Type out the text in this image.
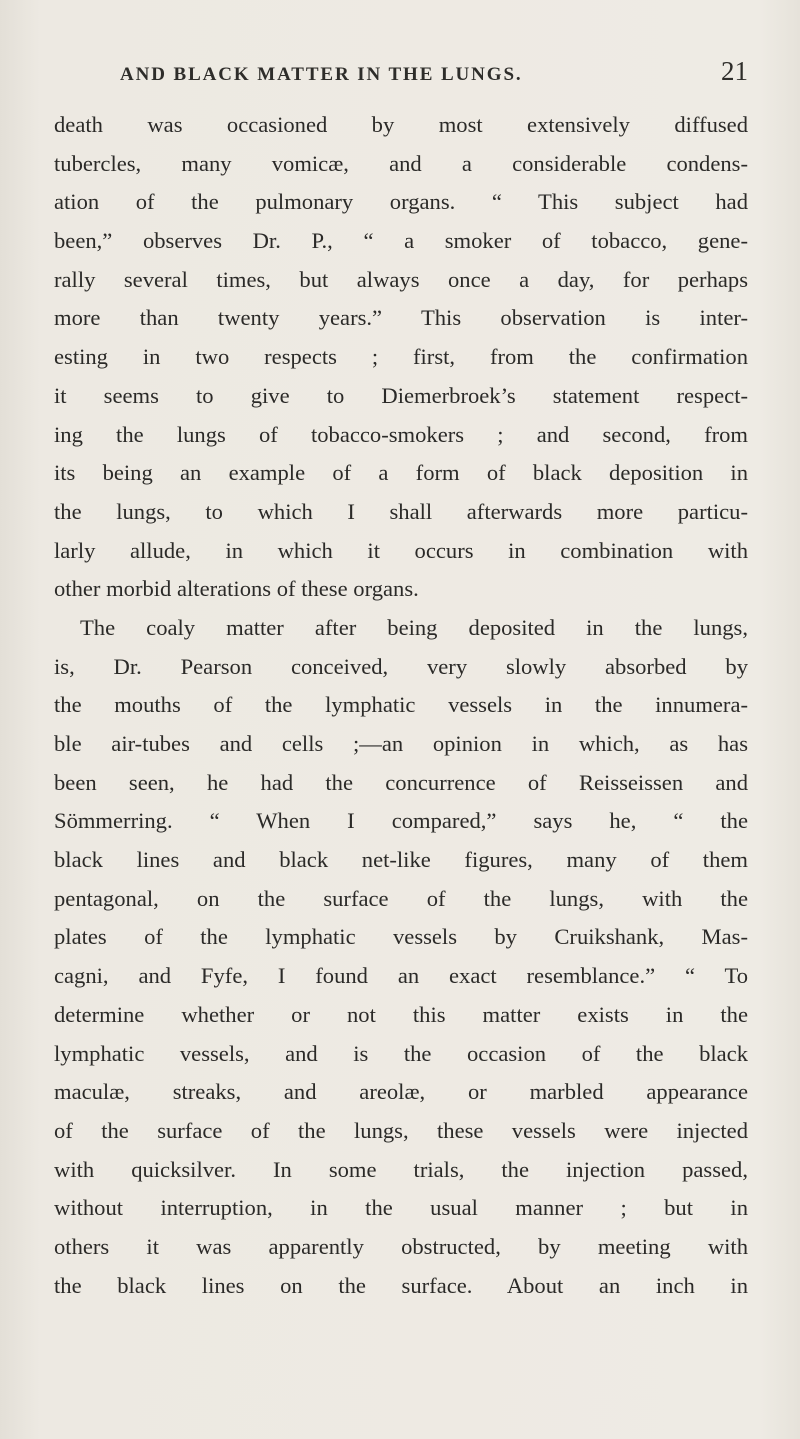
AND BLACK MATTER IN THE LUNGS.	21
death was occasioned by most extensively diffused
tubercles, many vomicæ, and a considerable condens-
ation of the pulmonary organs. “ This subject had
been,” observes Dr. P., “ a smoker of tobacco, gene-
rally several times, but always once a day, for perhaps
more than twenty years.” This observation is inter-
esting in two respects ; first, from the confirmation
it seems to give to Diemerbroek’s statement respect-
ing the lungs of tobacco-smokers ; and second, from
its being an example of a form of black deposition in
the lungs, to which I shall afterwards more particu-
larly allude, in which it occurs in combination with
other morbid alterations of these organs.
The coaly matter after being deposited in the lungs,
is, Dr. Pearson conceived, very slowly absorbed by
the mouths of the lymphatic vessels in the innumera-
ble air-tubes and cells ;—an opinion in which, as has
been seen, he had the concurrence of Reisseissen and
Sömmerring. “ When I compared,” says he, “ the
black lines and black net-like figures, many of them
pentagonal, on the surface of the lungs, with the
plates of the lymphatic vessels by Cruikshank, Mas-
cagni, and Fyfe, I found an exact resemblance.” “ To
determine whether or not this matter exists in the
lymphatic vessels, and is the occasion of the black
maculæ, streaks, and areolæ, or marbled appearance
of the surface of the lungs, these vessels were injected
with quicksilver. In some trials, the injection passed,
without interruption, in the usual manner ; but in
others it was apparently obstructed, by meeting with
the black lines on the surface. About an inch in
